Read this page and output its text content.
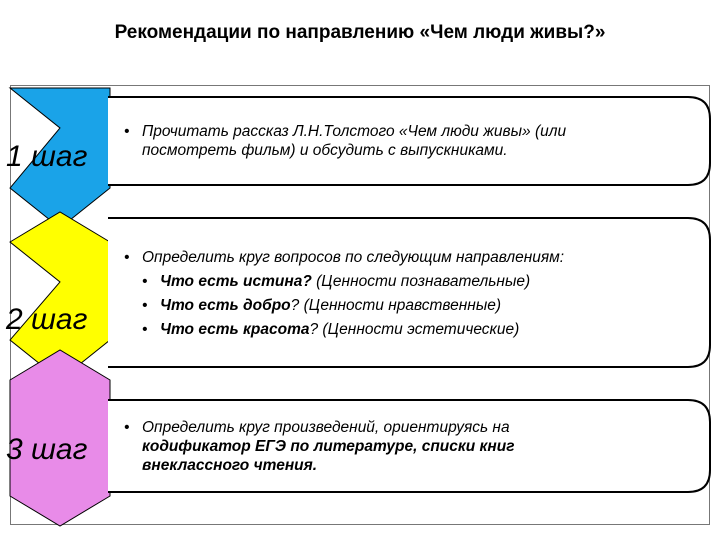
Рекомендации по направлению «Чем люди живы?»
1 шаг
2 шаг
3 шаг
• Прочитать рассказ Л.Н.Толстого «Чем люди живы» (или
посмотреть фильм) и обсудить с выпускниками.
• Определить круг вопросов по следующим направлениям:
• Что есть истина? (Ценности познавательные)
• Что есть добро? (Ценности нравственные)
• Что есть красота? (Ценности эстетические)
• Определить круг произведений, ориентируясь на
кодификатор ЕГЭ по литературе, списки книг
внеклассного чтения.
